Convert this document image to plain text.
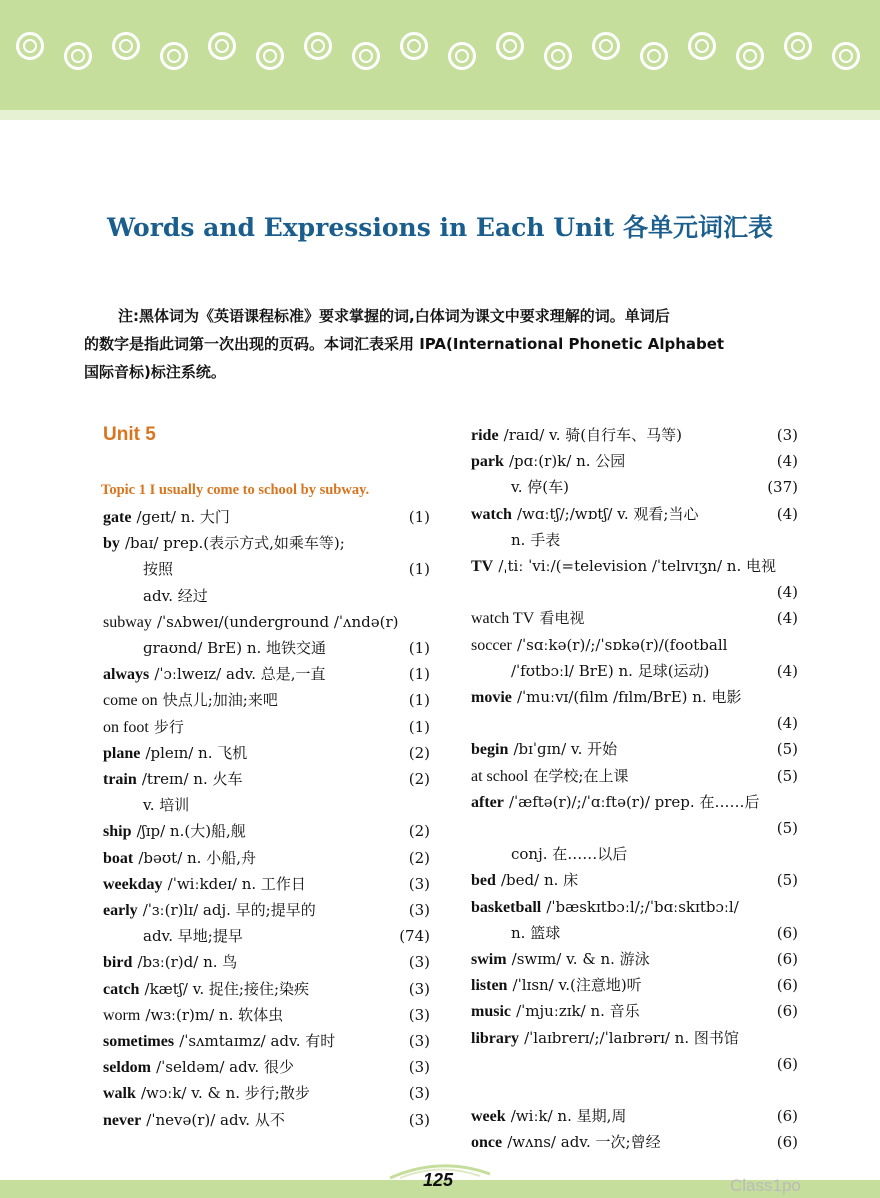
Words and Expressions in Each Unit 各单元词汇表
注:黑体词为《英语课程标准》要求掌握的词,白体词为课文中要求理解的词。单词后
的数字是指此词第一次出现的页码。本词汇表采用 IPA(International Phonetic Alphabet
国际音标)标注系统。
Unit 5
Topic 1 I usually come to school by subway.
gate /ɡeɪt/ n. 大门	(1)
by /baɪ/ prep.(表示方式,如乘车等);
按照	(1)
adv. 经过
subway /ˈsʌbweɪ/(underground /ˈʌndə(r)
ɡraʊnd/ BrE) n. 地铁交通	(1)
always /ˈɔːlweɪz/ adv. 总是,一直	(1)
come on 快点儿;加油;来吧	(1)
on foot 步行	(1)
plane /pleɪn/ n. 飞机	(2)
train /treɪn/ n. 火车	(2)
v. 培训
ship /ʃɪp/ n.(大)船,舰	(2)
boat /bəʊt/ n. 小船,舟	(2)
weekday /ˈwiːkdeɪ/ n. 工作日	(3)
early /ˈɜː(r)lɪ/ adj. 早的;提早的	(3)
adv. 早地;提早	(74)
bird /bɜː(r)d/ n. 鸟	(3)
catch /kætʃ/ v. 捉住;接住;染疾	(3)
worm /wɜː(r)m/ n. 软体虫	(3)
sometimes /ˈsʌmtaɪmz/ adv. 有时	(3)
seldom /ˈseldəm/ adv. 很少	(3)
walk /wɔːk/ v. & n. 步行;散步	(3)
never /ˈnevə(r)/ adv. 从不	(3)
ride /raɪd/ v. 骑(自行车、马等)	(3)
park /pɑː(r)k/ n. 公园	(4)
v. 停(车)	(37)
watch /wɑːtʃ/;/wɒtʃ/ v. 观看;当心	(4)
n. 手表
TV /ˌtiː ˈviː/(=television /ˈtelɪvɪʒn/ n. 电视
(4)
watch TV 看电视	(4)
soccer /ˈsɑːkə(r)/;/ˈsɒkə(r)/(football
/ˈfʊtbɔːl/ BrE) n. 足球(运动)	(4)
movie /ˈmuːvɪ/(film /fɪlm/BrE) n. 电影
(4)
begin /bɪˈɡɪn/ v. 开始	(5)
at school 在学校;在上课	(5)
after /ˈæftə(r)/;/ˈɑːftə(r)/ prep. 在……后
(5)
conj. 在……以后
bed /bed/ n. 床	(5)
basketball /ˈbæskɪtbɔːl/;/ˈbɑːskɪtbɔːl/
n. 篮球	(6)
swim /swɪm/ v. & n. 游泳	(6)
listen /ˈlɪsn/ v.(注意地)听	(6)
music /ˈmjuːzɪk/ n. 音乐	(6)
library /ˈlaɪbrerɪ/;/ˈlaɪbrərɪ/ n. 图书馆
(6)
week /wiːk/ n. 星期,周	(6)
once /wʌns/ adv. 一次;曾经	(6)
125	Class1po
